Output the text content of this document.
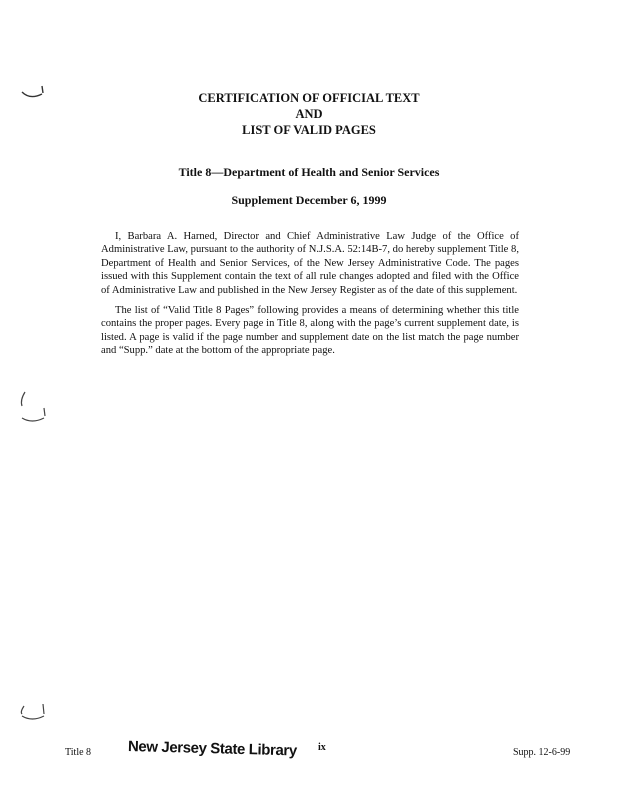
CERTIFICATION OF OFFICIAL TEXT
AND
LIST OF VALID PAGES
Title 8—Department of Health and Senior Services
Supplement December 6, 1999

I, Barbara A. Harned, Director and Chief Administrative Law Judge of the Office of Administrative Law, pursuant to the authority of N.J.S.A. 52:14B-7, do hereby supplement Title 8, Department of Health and Senior Services, of the New Jersey Administrative Code. The pages issued with this Supplement contain the text of all rule changes adopted and filed with the Office of Administrative Law and published in the New Jersey Register as of the date of this supplement.

The list of “Valid Title 8 Pages” following provides a means of determining whether this title contains the proper pages. Every page in Title 8, along with the page’s current supplement date, is listed. A page is valid if the page number and supplement date on the list match the page number and “Supp.” date at the bottom of the appropriate page.

Title 8 New Jersey State Library ix	Supp. 12-6-99
